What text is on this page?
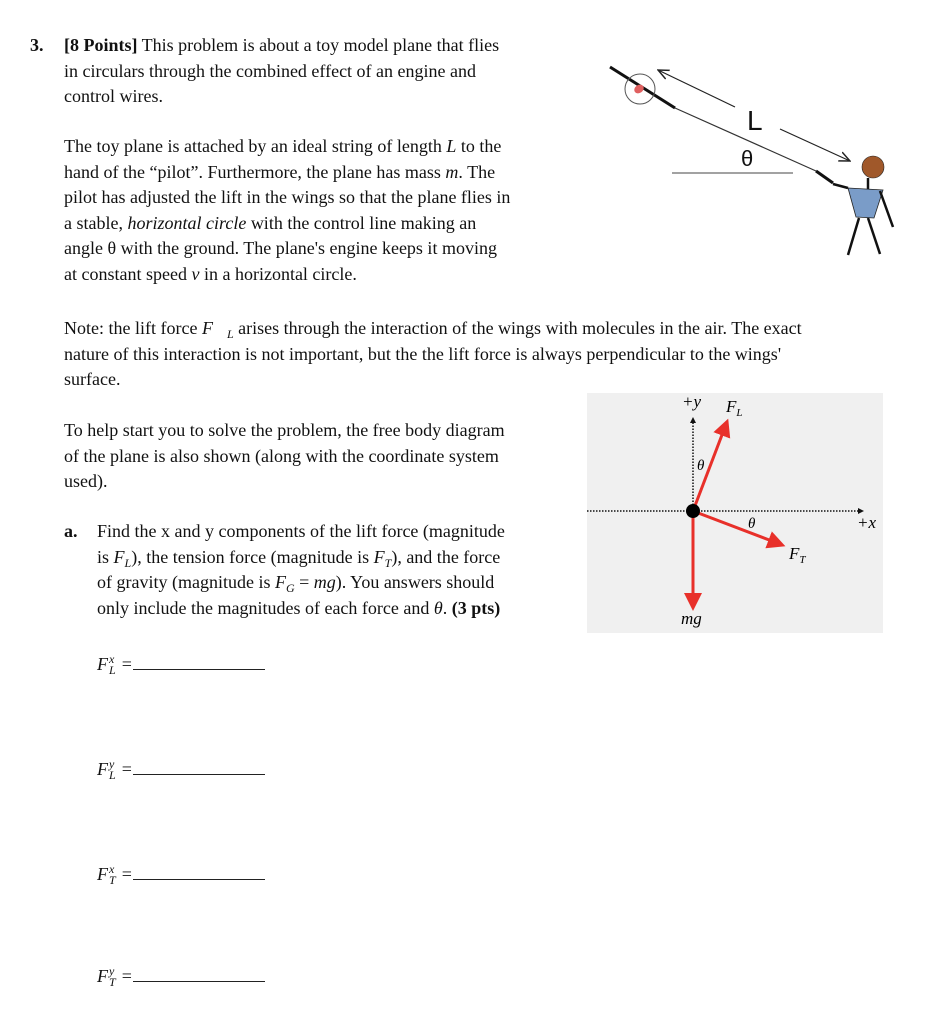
3. [8 Points] This problem is about a toy model plane that flies
in circulars through the combined effect of an engine and
control wires.
The toy plane is attached by an ideal string of length L to the
hand of the “pilot”. Furthermore, the plane has mass m. The
pilot has adjusted the lift in the wings so that the plane flies in
a stable, horizontal circle with the control line making an
angle θ with the ground. The plane's engine keeps it moving
at constant speed v in a horizontal circle.
Note: the lift force $F⃗_L$ arises through the interaction of the wings with molecules in the air. The exact
nature of this interaction is not important, but the the lift force is always perpendicular to the wings'
surface.
To help start you to solve the problem, the free body diagram
of the plane is also shown (along with the coordinate system
used).
a. Find the x and y components of the lift force (magnitude
is $F_L$), the tension force (magnitude is $F_T$), and the force
of gravity (magnitude is $F_G = mg$). You answers should
only include the magnitudes of each force and θ. (3 pts)
F x
L =
F y
L =
F x
T =
F y
T =
L
θ
+y
+x
$F_L$
$F_T$
mg
θ
θ
